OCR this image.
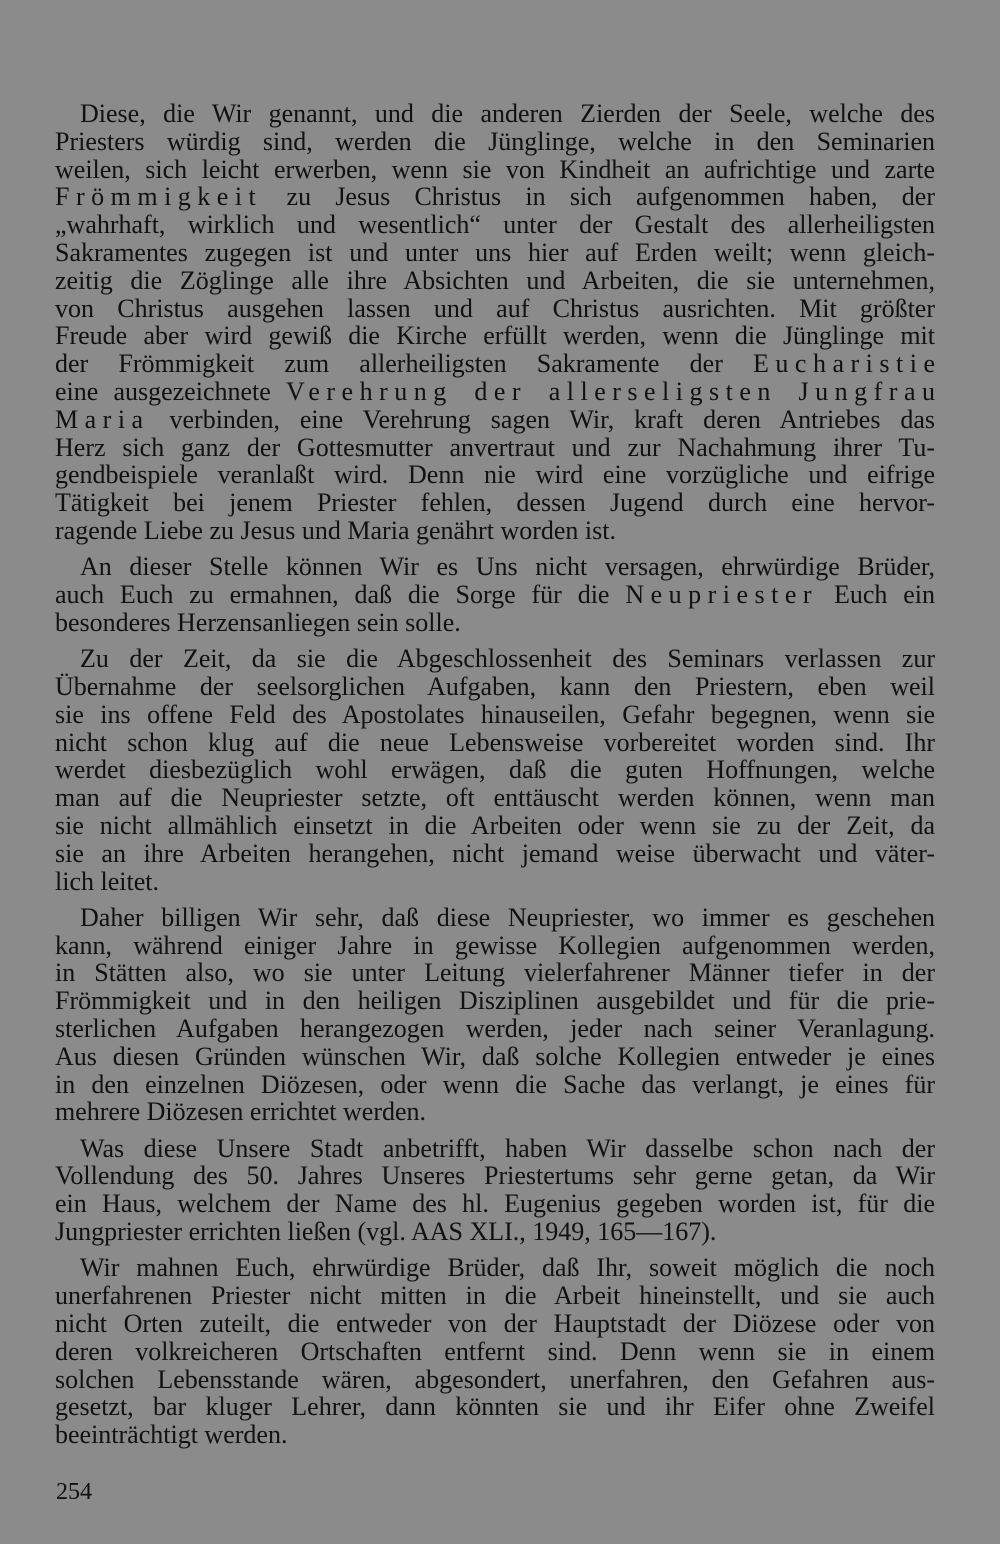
Diese, die Wir genannt, und die anderen Zierden der Seele, welche des
Priesters würdig sind, werden die Jünglinge, welche in den Seminarien
weilen, sich leicht erwerben, wenn sie von Kindheit an aufrichtige und zarte
Frömmigkeit zu Jesus Christus in sich aufgenommen haben, der
„wahrhaft, wirklich und wesentlich“ unter der Gestalt des allerheiligsten
Sakramentes zugegen ist und unter uns hier auf Erden weilt; wenn gleich-
zeitig die Zöglinge alle ihre Absichten und Arbeiten, die sie unternehmen,
von Christus ausgehen lassen und auf Christus ausrichten. Mit größter
Freude aber wird gewiß die Kirche erfüllt werden, wenn die Jünglinge mit
der Frömmigkeit zum allerheiligsten Sakramente der Eucharistie
eine ausgezeichnete Verehrung der allerseligsten Jungfrau
Maria verbinden, eine Verehrung sagen Wir, kraft deren Antriebes das
Herz sich ganz der Gottesmutter anvertraut und zur Nachahmung ihrer Tu-
gendbeispiele veranlaßt wird. Denn nie wird eine vorzügliche und eifrige
Tätigkeit bei jenem Priester fehlen, dessen Jugend durch eine hervor-
ragende Liebe zu Jesus und Maria genährt worden ist.
An dieser Stelle können Wir es Uns nicht versagen, ehrwürdige Brüder,
auch Euch zu ermahnen, daß die Sorge für die Neupriester Euch ein
besonderes Herzensanliegen sein solle.
Zu der Zeit, da sie die Abgeschlossenheit des Seminars verlassen zur
Übernahme der seelsorglichen Aufgaben, kann den Priestern, eben weil
sie ins offene Feld des Apostolates hinauseilen, Gefahr begegnen, wenn sie
nicht schon klug auf die neue Lebensweise vorbereitet worden sind. Ihr
werdet diesbezüglich wohl erwägen, daß die guten Hoffnungen, welche
man auf die Neupriester setzte, oft enttäuscht werden können, wenn man
sie nicht allmählich einsetzt in die Arbeiten oder wenn sie zu der Zeit, da
sie an ihre Arbeiten herangehen, nicht jemand weise überwacht und väter-
lich leitet.
Daher billigen Wir sehr, daß diese Neupriester, wo immer es geschehen
kann, während einiger Jahre in gewisse Kollegien aufgenommen werden,
in Stätten also, wo sie unter Leitung vielerfahrener Männer tiefer in der
Frömmigkeit und in den heiligen Disziplinen ausgebildet und für die prie-
sterlichen Aufgaben herangezogen werden, jeder nach seiner Veranlagung.
Aus diesen Gründen wünschen Wir, daß solche Kollegien entweder je eines
in den einzelnen Diözesen, oder wenn die Sache das verlangt, je eines für
mehrere Diözesen errichtet werden.
Was diese Unsere Stadt anbetrifft, haben Wir dasselbe schon nach der
Vollendung des 50. Jahres Unseres Priestertums sehr gerne getan, da Wir
ein Haus, welchem der Name des hl. Eugenius gegeben worden ist, für die
Jungpriester errichten ließen (vgl. AAS XLI., 1949, 165—167).
Wir mahnen Euch, ehrwürdige Brüder, daß Ihr, soweit möglich die noch
unerfahrenen Priester nicht mitten in die Arbeit hineinstellt, und sie auch
nicht Orten zuteilt, die entweder von der Hauptstadt der Diözese oder von
deren volkreicheren Ortschaften entfernt sind. Denn wenn sie in einem
solchen Lebensstande wären, abgesondert, unerfahren, den Gefahren aus-
gesetzt, bar kluger Lehrer, dann könnten sie und ihr Eifer ohne Zweifel
beeinträchtigt werden.
254
